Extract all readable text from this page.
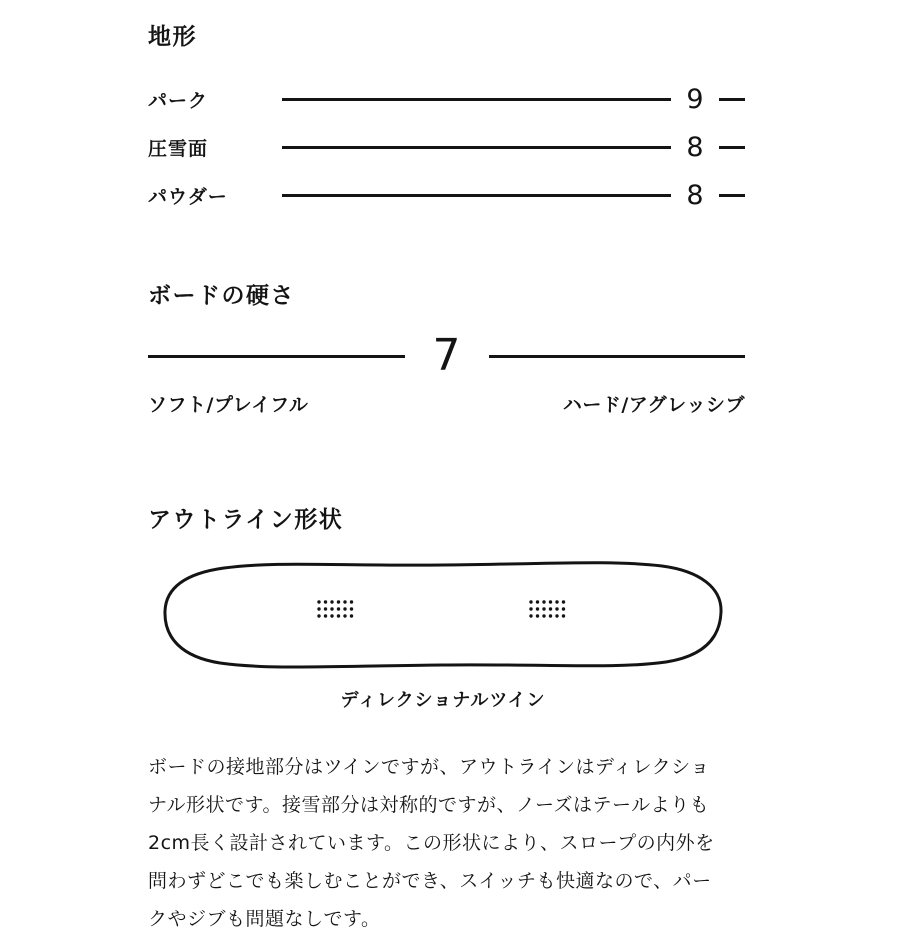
地形
パーク	9
圧雪面	8
パウダー	8
ボードの硬さ
7
ソフト/プレイフル	ハード/アグレッシブ
アウトライン形状
ディレクショナルツイン

ボードの接地部分はツインですが、アウトラインはディレクショナル形状です。接雪部分は対称的ですが、ノーズはテールよりも2cm長く設計されています。この形状により、スロープの内外を問わずどこでも楽しむことができ、スイッチも快適なので、パークやジブも問題なしです。
